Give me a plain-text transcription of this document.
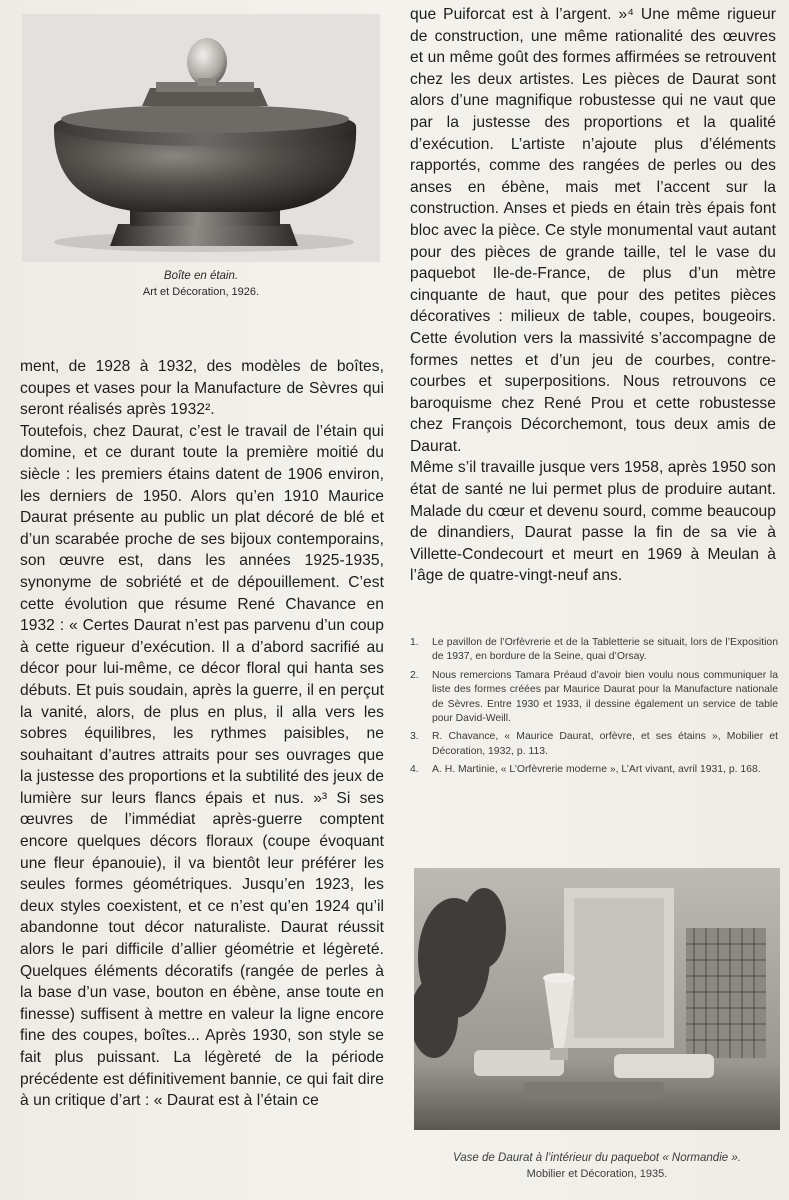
Boîte en étain.
Art et Décoration, 1926.

ment, de 1928 à 1932, des modèles de boîtes, coupes et vases pour la Manufacture de Sèvres qui seront réalisés après 1932².

Toutefois, chez Daurat, c’est le travail de l’étain qui domine, et ce durant toute la première moitié du siècle : les premiers étains datent de 1906 environ, les derniers de 1950. Alors qu’en 1910 Maurice Daurat présente au public un plat décoré de blé et d’un scarabée proche de ses bijoux contemporains, son œuvre est, dans les années 1925-1935, synonyme de sobriété et de dépouillement. C’est cette évolution que résume René Chavance en 1932 : « Certes Daurat n’est pas parvenu d’un coup à cette rigueur d’exécution. Il a d’abord sacrifié au décor pour lui-même, ce décor floral qui hanta ses débuts. Et puis soudain, après la guerre, il en perçut la vanité, alors, de plus en plus, il alla vers les sobres équilibres, les rythmes paisibles, ne souhaitant d’autres attraits pour ses ouvrages que la justesse des proportions et la subtilité des jeux de lumière sur leurs flancs épais et nus. »³ Si ses œuvres de l’immédiat après-guerre comptent encore quelques décors floraux (coupe évoquant une fleur épanouie), il va bientôt leur préférer les seules formes géométriques. Jusqu’en 1923, les deux styles coexistent, et ce n’est qu’en 1924 qu’il abandonne tout décor naturaliste. Daurat réussit alors le pari difficile d’allier géométrie et légèreté. Quelques éléments décoratifs (rangée de perles à la base d’un vase, bouton en ébène, anse toute en finesse) suffisent à mettre en valeur la ligne encore fine des coupes, boîtes... Après 1930, son style se fait plus puissant. La légèreté de la période précédente est définitivement bannie, ce qui fait dire à un critique d’art : « Daurat est à l’étain ce

que Puiforcat est à l’argent. »⁴ Une même rigueur de construction, une même rationalité des œuvres et un même goût des formes affirmées se retrouvent chez les deux artistes. Les pièces de Daurat sont alors d’une magnifique robustesse qui ne vaut que par la justesse des proportions et la qualité d’exécution. L’artiste n’ajoute plus d’éléments rapportés, comme des rangées de perles ou des anses en ébène, mais met l’accent sur la construction. Anses et pieds en étain très épais font bloc avec la pièce. Ce style monumental vaut autant pour des pièces de grande taille, tel le vase du paquebot Ile-de-France, de plus d’un mètre cinquante de haut, que pour des petites pièces décoratives : milieux de table, coupes, bougeoirs. Cette évolution vers la massivité s’accompagne de formes nettes et d’un jeu de courbes, contre-courbes et superpositions. Nous retrouvons ce baroquisme chez René Prou et cette robustesse chez François Décorchemont, tous deux amis de Daurat.

Même s’il travaille jusque vers 1958, après 1950 son état de santé ne lui permet plus de produire autant. Malade du cœur et devenu sourd, comme beaucoup de dinandiers, Daurat passe la fin de sa vie à Villette-Condecourt et meurt en 1969 à Meulan à l’âge de quatre-vingt-neuf ans.

1.	Le pavillon de l’Orfèvrerie et de la Tabletterie se situait, lors de l’Exposition de 1937, en bordure de la Seine, quai d’Orsay.
2.	Nous remercions Tamara Préaud d’avoir bien voulu nous communiquer la liste des formes créées par Maurice Daurat pour la Manufacture nationale de Sèvres. Entre 1930 et 1933, il dessine également un service de table pour David-Weill.
3.	R. Chavance, « Maurice Daurat, orfèvre, et ses étains », Mobilier et Décoration, 1932, p. 113.
4.	A. H. Martinie, « L’Orfèvrerie moderne », L’Art vivant, avril 1931, p. 168.
Vase de Daurat à l’intérieur du paquebot « Normandie ».
Mobilier et Décoration, 1935.
